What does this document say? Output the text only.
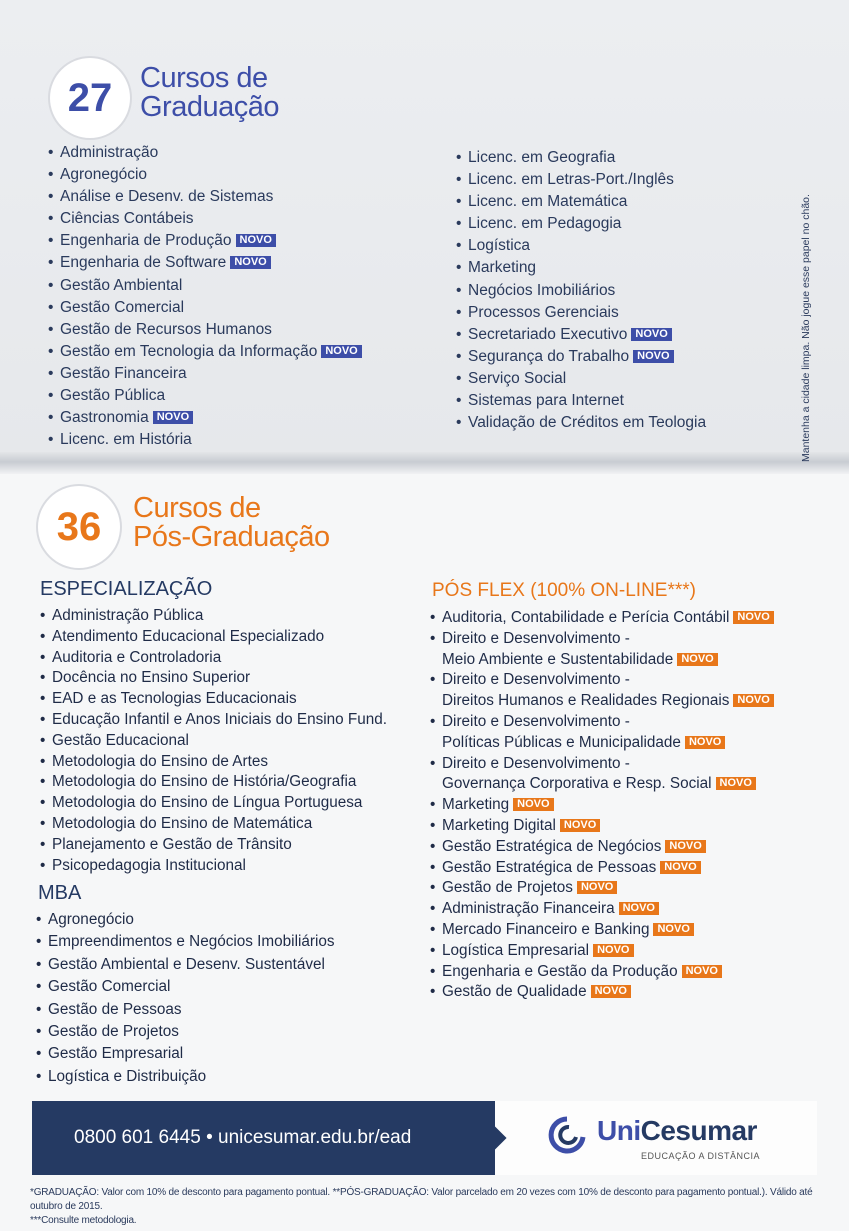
27 Cursos de
Graduação
• Administração
• Agronegócio
• Análise e Desenv. de Sistemas
• Ciências Contábeis
• Engenharia de Produção NOVO
• Engenharia de Software NOVO
• Gestão Ambiental
• Gestão Comercial
• Gestão de Recursos Humanos
• Gestão em Tecnologia da Informação NOVO
• Gestão Financeira
• Gestão Pública
• Gastronomia NOVO
• Licenc. em História
• Licenc. em Geografia
• Licenc. em Letras-Port./Inglês
• Licenc. em Matemática
• Licenc. em Pedagogia
• Logística
• Marketing
• Negócios Imobiliários
• Processos Gerenciais
• Secretariado Executivo NOVO
• Segurança do Trabalho NOVO
• Serviço Social
• Sistemas para Internet
• Validação de Créditos em Teologia	Mantenha a cidade limpa. Não jogue esse papel no chão.
36 Cursos de
Pós-Graduação
ESPECIALIZAÇÃO
• Administração Pública
• Atendimento Educacional Especializado
• Auditoria e Controladoria
• Docência no Ensino Superior
• EAD e as Tecnologias Educacionais
• Educação Infantil e Anos Iniciais do Ensino Fund.
• Gestão Educacional
• Metodologia do Ensino de Artes
• Metodologia do Ensino de História/Geografia
• Metodologia do Ensino de Língua Portuguesa
• Metodologia do Ensino de Matemática
• Planejamento e Gestão de Trânsito
• Psicopedagogia Institucional
MBA
• Agronegócio
• Empreendimentos e Negócios Imobiliários
• Gestão Ambiental e Desenv. Sustentável
• Gestão Comercial
• Gestão de Pessoas
• Gestão de Projetos
• Gestão Empresarial
• Logística e Distribuição
PÓS FLEX (100% ON-LINE***)
• Auditoria, Contabilidade e Perícia Contábil NOVO
• Direito e Desenvolvimento -
Meio Ambiente e Sustentabilidade NOVO
• Direito e Desenvolvimento -
Direitos Humanos e Realidades Regionais NOVO
• Direito e Desenvolvimento -
Políticas Públicas e Municipalidade NOVO
• Direito e Desenvolvimento -
Governança Corporativa e Resp. Social NOVO
• Marketing NOVO
• Marketing Digital NOVO
• Gestão Estratégica de Negócios NOVO
• Gestão Estratégica de Pessoas NOVO
• Gestão de Projetos NOVO
• Administração Financeira NOVO
• Mercado Financeiro e Banking NOVO
• Logística Empresarial NOVO
• Engenharia e Gestão da Produção NOVO
• Gestão de Qualidade NOVO
0800 601 6445 • unicesumar.edu.br/ead	UniCesumar
EDUCAÇÃO A DISTÂNCIA
*GRADUAÇÃO: Valor com 10% de desconto para pagamento pontual. **PÓS-GRADUAÇÃO: Valor parcelado em 20 vezes com 10% de desconto para pagamento pontual.). Válido até outubro de 2015.
***Consulte metodologia.
